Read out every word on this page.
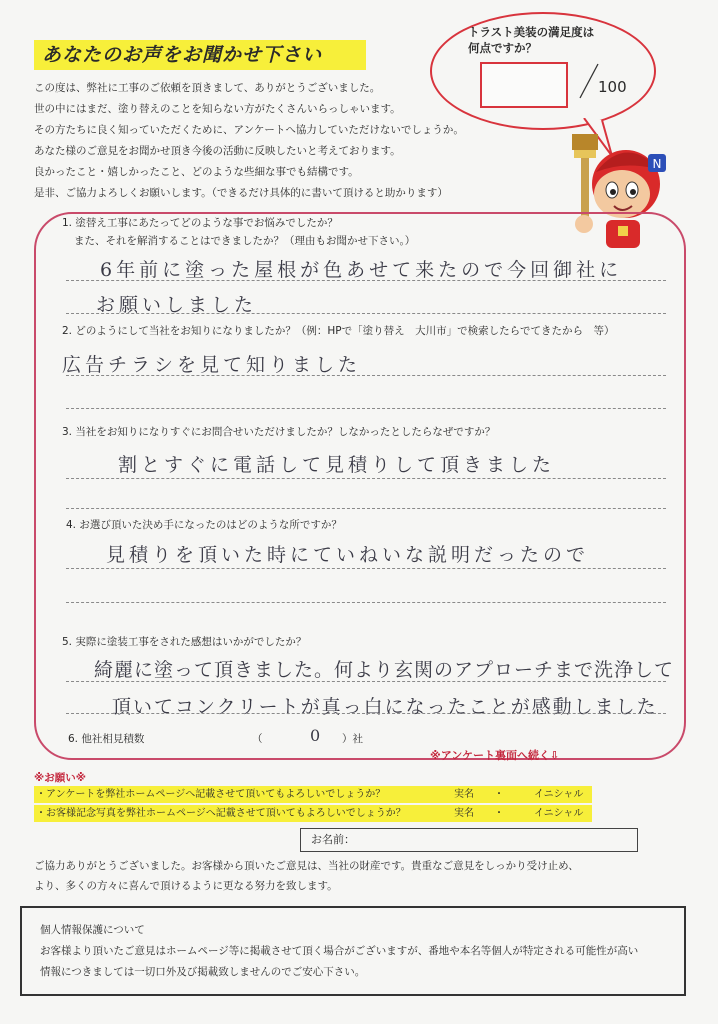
あなたのお声をお聞かせ下さい
この度は、弊社に工事のご依頼を頂きまして、ありがとうございました。
世の中にはまだ、塗り替えのことを知らない方がたくさんいらっしゃいます。
その方たちに良く知っていただくために、アンケートへ協力していただけないでしょうか。
あなた様のご意見をお聞かせ頂き今後の活動に反映したいと考えております。
良かったこと・嬉しかったこと、どのような些細な事でも結構です。
是非、ご協力よろしくお願いします。（できるだけ具体的に書いて頂けると助かります）
トラスト美装の満足度は
何点ですか？
100
N
1. 塗替え工事にあたってどのような事でお悩みでしたか？
また、それを解消することはできましたか？（理由もお聞かせ下さい。）
6年前に塗った屋根が色あせて来たので今回御社に
お願いしました
2. どのようにして当社をお知りになりましたか？（例：HPで「塗り替え　大川市」で検索したらでてきたから　等）
広告チラシを見て知りました
3. 当社をお知りになりすぐにお問合せいただけましたか？しなかったとしたらなぜですか？
割とすぐに電話して見積りして頂きました
4. お選び頂いた決め手になったのはどのような所ですか？
見積りを頂いた時にていねいな説明だったので
5. 実際に塗装工事をされた感想はいかがでしたか？
綺麗に塗って頂きました。何より玄関のアプローチまで洗浄して
頂いてコンクリートが真っ白になったことが感動しました
6. 他社相見積数	（	0 ）社
※アンケート裏面へ続く⇩
※お願い※
・アンケートを弊社ホームページへ記載させて頂いてもよろしいでしょうか？	実名 ・	イニシャル
・お客様記念写真を弊社ホームページへ記載させて頂いてもよろしいでしょうか？	実名 ・	イニシャル
お名前：
ご協力ありがとうございました。お客様から頂いたご意見は、当社の財産です。貴重なご意見をしっかり受け止め、
より、多くの方々に喜んで頂けるように更なる努力を致します。
個人情報保護について
お客様より頂いたご意見はホームページ等に掲載させて頂く場合がございますが、番地や本名等個人が特定される可能性が高い
情報につきましては一切口外及び掲載致しませんのでご安心下さい。
